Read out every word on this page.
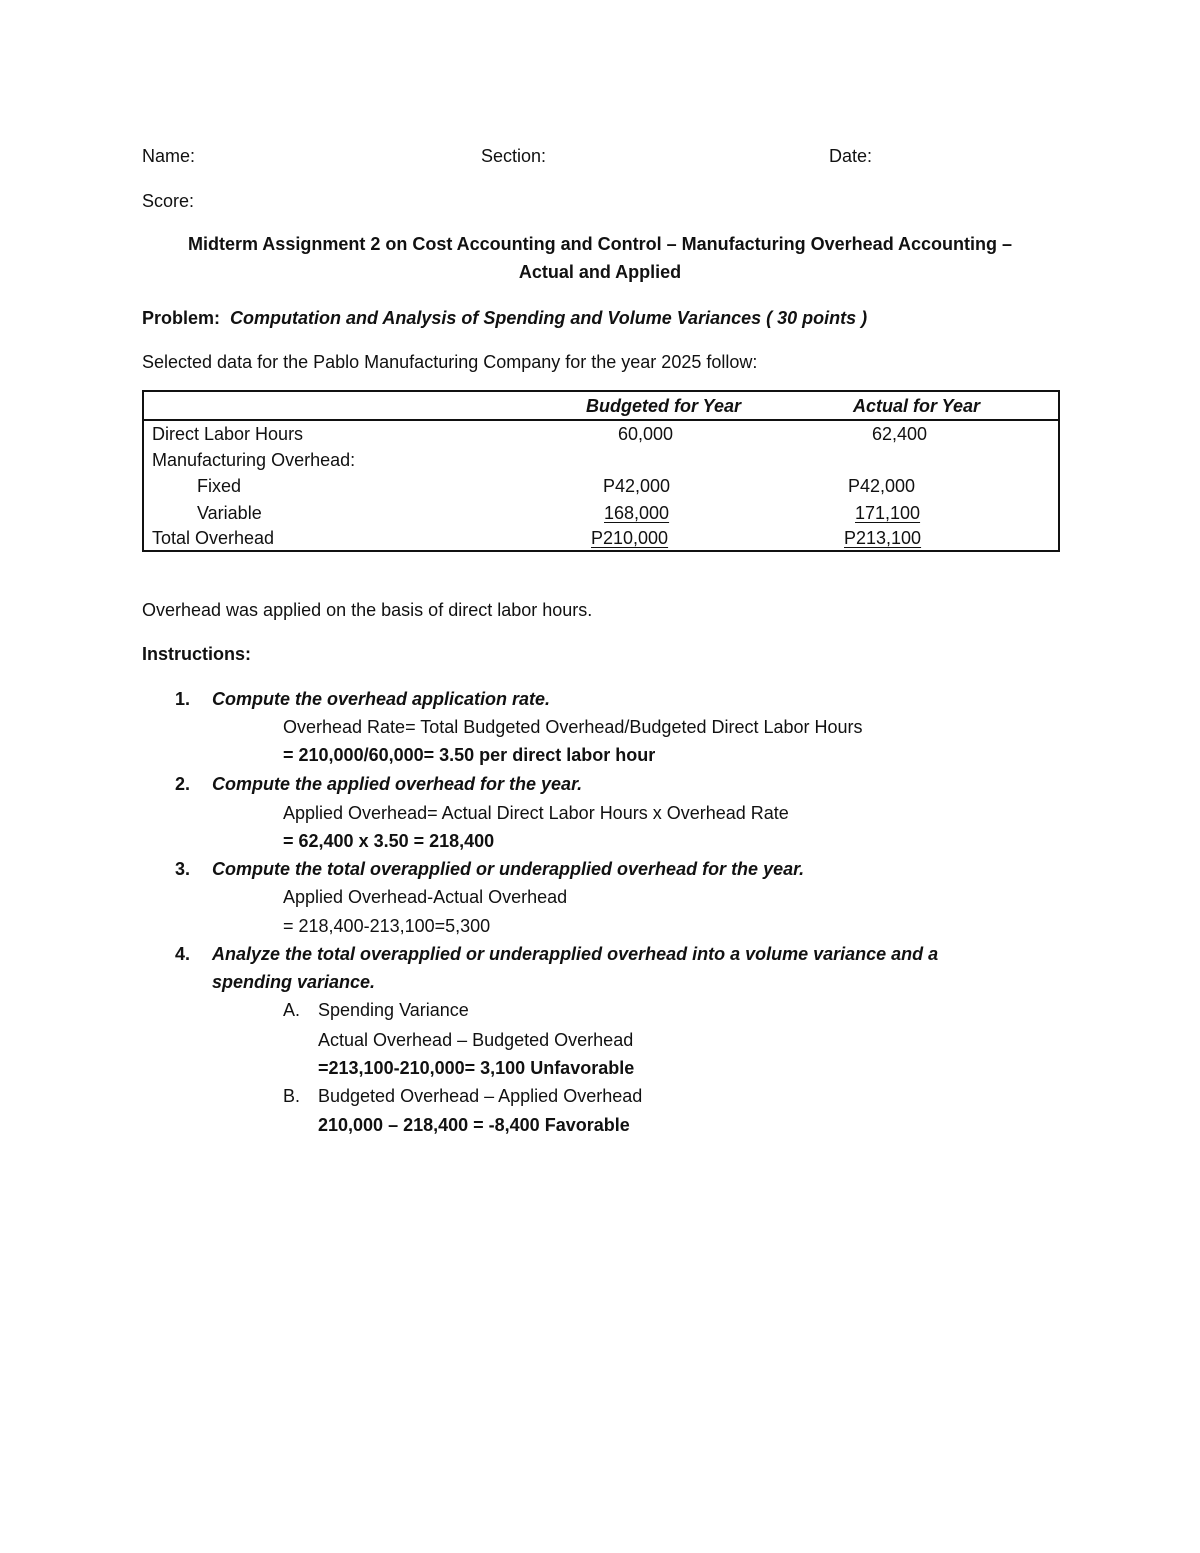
Name:	Section:	Date:
Score:
Midterm Assignment 2 on Cost Accounting and Control – Manufacturing Overhead Accounting –
Actual and Applied
Problem: Computation and Analysis of Spending and Volume Variances ( 30 points )
Selected data for the Pablo Manufacturing Company for the year 2025 follow:
Budgeted for Year	Actual for Year
Direct Labor Hours	60,000	62,400
Manufacturing Overhead:
Fixed	P42,000	P42,000
Variable	168,000	171,100
Total Overhead	P210,000	P213,100
Overhead was applied on the basis of direct labor hours.
Instructions:
1. Compute the overhead application rate.
Overhead Rate= Total Budgeted Overhead/Budgeted Direct Labor Hours
= 210,000/60,000= 3.50 per direct labor hour
2. Compute the applied overhead for the year.
Applied Overhead= Actual Direct Labor Hours x Overhead Rate
= 62,400 x 3.50 = 218,400
3. Compute the total overapplied or underapplied overhead for the year.
Applied Overhead-Actual Overhead
= 218,400-213,100=5,300
4. Analyze the total overapplied or underapplied overhead into a volume variance and a
spending variance.
A. Spending Variance
Actual Overhead – Budgeted Overhead
=213,100-210,000= 3,100 Unfavorable
B. Budgeted Overhead – Applied Overhead
210,000 – 218,400 = -8,400 Favorable
